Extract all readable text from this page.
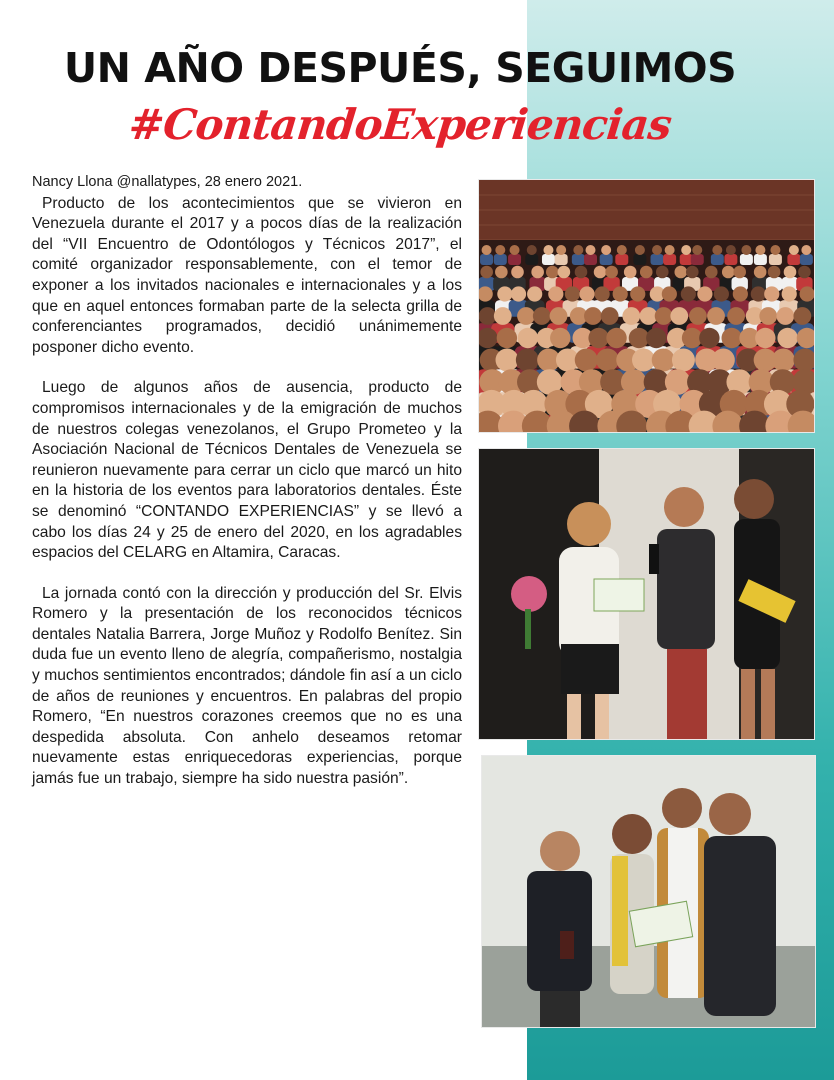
UN AÑO DESPUÉS, SEGUIMOS
#ContandoExperiencias

Nancy Llona @nallatypes, 28 enero 2021.

Producto de los acontecimientos que se vivieron en Venezuela durante el 2017 y a pocos días de la realización del “VII Encuentro de Odontólogos y Técnicos 2017”, el comité organizador responsablemente, con el temor de exponer a los invitados nacionales e internacionales y a los que en aquel entonces formaban parte de la selecta grilla de conferenciantes programados, decidió unánimemente posponer dicho evento.

Luego de algunos años de ausencia, producto de compromisos internacionales y de la emigración de muchos de nuestros colegas venezolanos, el Grupo Prometeo y la Asociación Nacional de Técnicos Dentales de Venezuela se reunieron nuevamente para cerrar un ciclo que marcó un hito en la historia de los eventos para laboratorios dentales. Éste se denominó “CONTANDO EXPERIENCIAS” y se llevó a cabo los días 24 y 25 de enero del 2020, en los agradables espacios del CELARG en Altamira, Caracas.

La jornada contó con la dirección y producción del Sr. Elvis Romero y la presentación de los reconocidos técnicos dentales Natalia Barrera, Jorge Muñoz y Rodolfo Benítez. Sin duda fue un evento lleno de alegría, compañerismo, nostalgia y muchos sentimientos encontrados; dándole fin así a un ciclo de años de reuniones y encuentros. En palabras del propio Romero, “En nuestros corazones creemos que no es una despedida absoluta. Con anhelo deseamos retomar nuevamente estas enriquecedoras experiencias, porque jamás fue un trabajo, siempre ha sido nuestra pasión”.
